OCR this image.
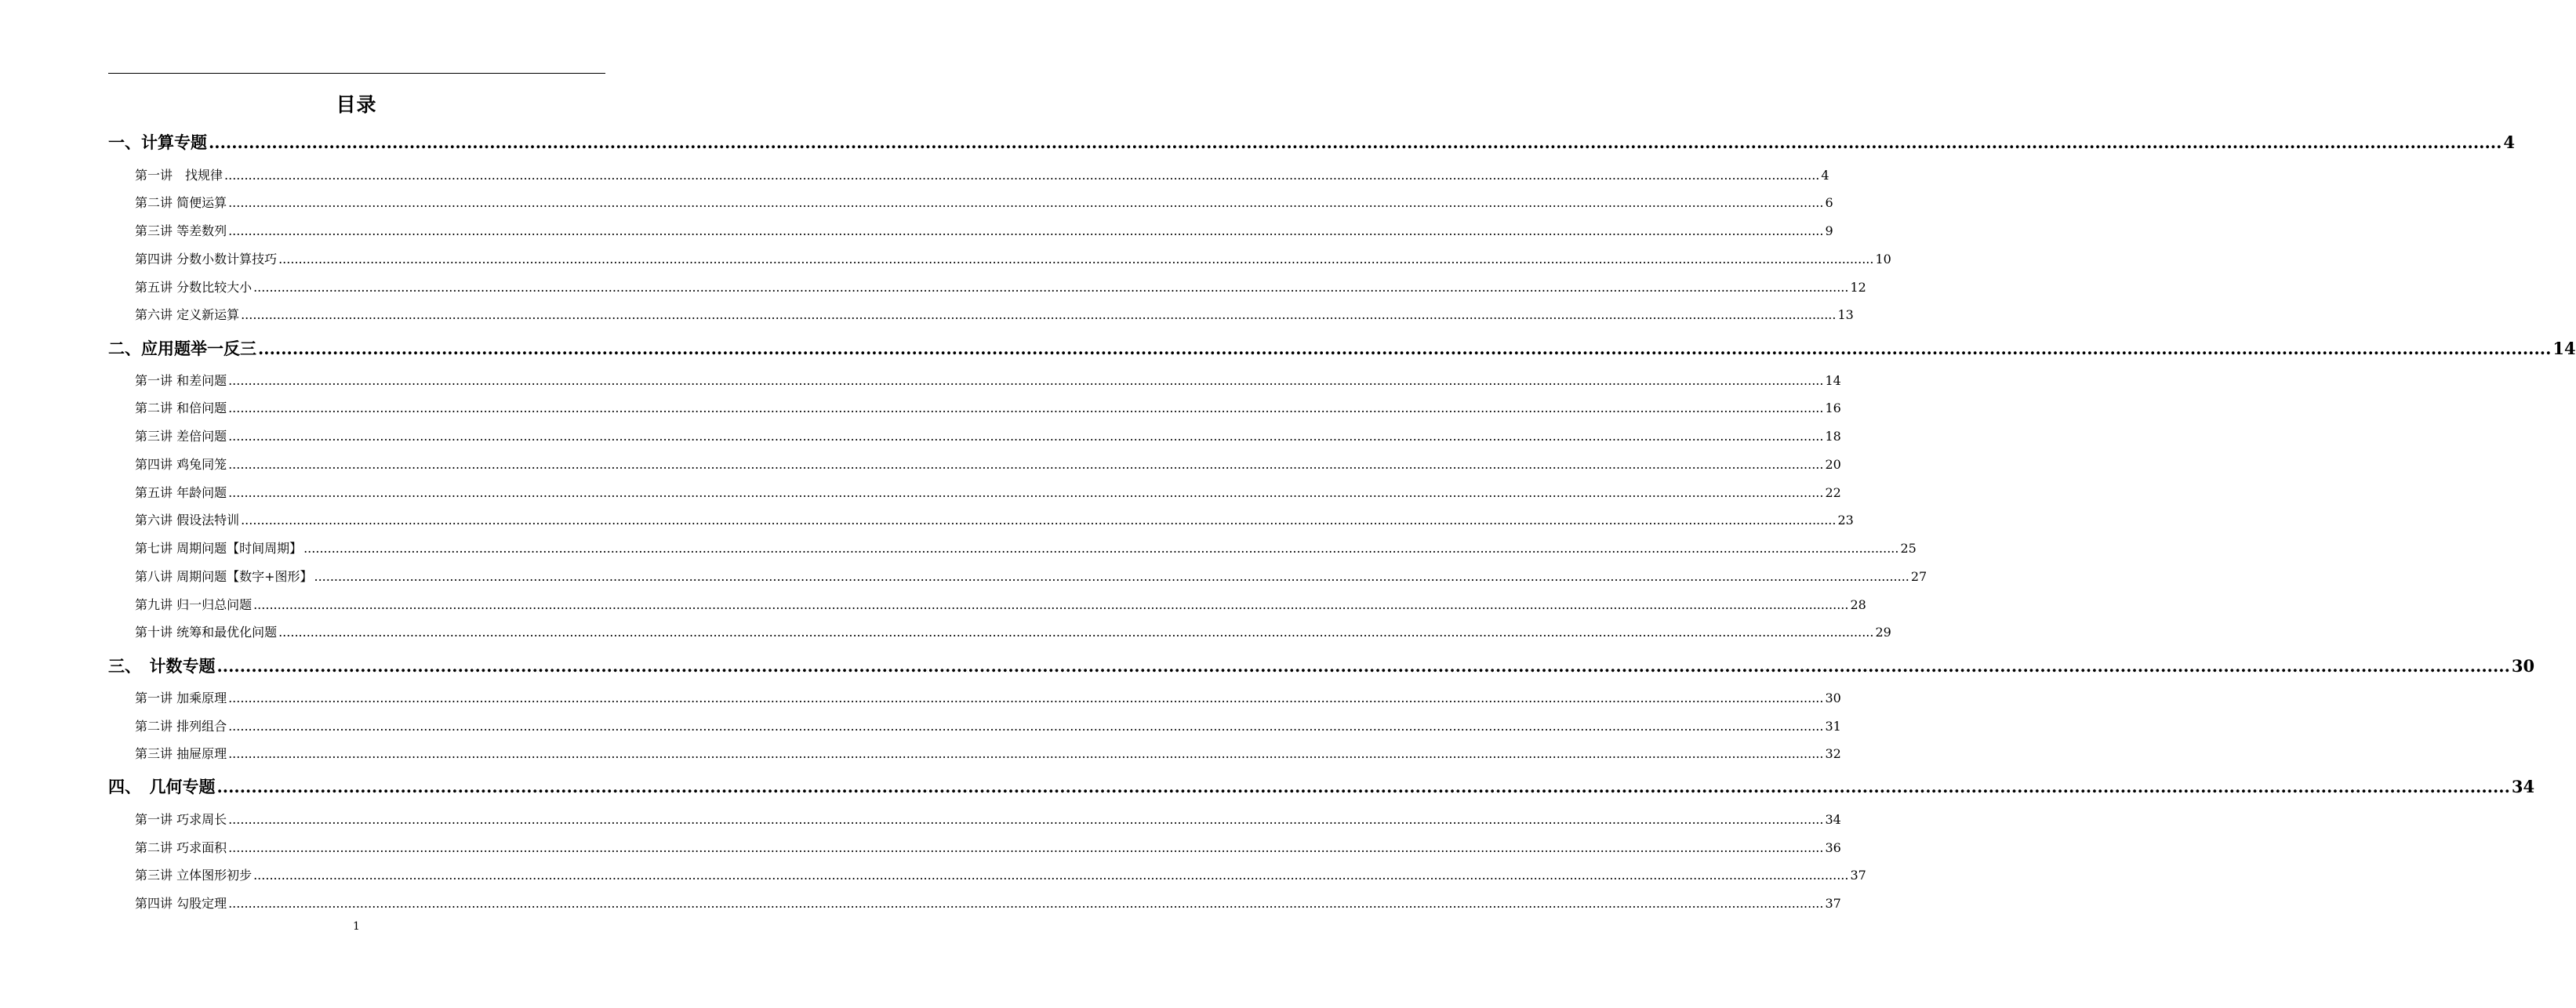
目录
一、计算专题 ................................................................................................................................................................................................................................................................................................................................................................................................................ 4
第一讲　找规律 ................................................................................................................................................................................................................................................................................................................................................................................................................ 4
第二讲 简便运算 ................................................................................................................................................................................................................................................................................................................................................................................................................ 6
第三讲 等差数列 ................................................................................................................................................................................................................................................................................................................................................................................................................ 9
第四讲 分数小数计算技巧 ................................................................................................................................................................................................................................................................................................................................................................................................................ 10
第五讲 分数比较大小 ................................................................................................................................................................................................................................................................................................................................................................................................................ 12
第六讲 定义新运算 ................................................................................................................................................................................................................................................................................................................................................................................................................ 13
二、应用题举一反三 ................................................................................................................................................................................................................................................................................................................................................................................................................ 14
第一讲 和差问题 ................................................................................................................................................................................................................................................................................................................................................................................................................ 14
第二讲 和倍问题 ................................................................................................................................................................................................................................................................................................................................................................................................................ 16
第三讲 差倍问题 ................................................................................................................................................................................................................................................................................................................................................................................................................ 18
第四讲 鸡兔同笼 ................................................................................................................................................................................................................................................................................................................................................................................................................ 20
第五讲 年龄问题 ................................................................................................................................................................................................................................................................................................................................................................................................................ 22
第六讲 假设法特训 ................................................................................................................................................................................................................................................................................................................................................................................................................ 23
第七讲 周期问题【时间周期】 ................................................................................................................................................................................................................................................................................................................................................................................................................ 25
第八讲 周期问题【数字+图形】 ................................................................................................................................................................................................................................................................................................................................................................................................................ 27
第九讲 归一归总问题 ................................................................................................................................................................................................................................................................................................................................................................................................................ 28
第十讲 统筹和最优化问题 ................................................................................................................................................................................................................................................................................................................................................................................................................ 29
三、　计数专题 ................................................................................................................................................................................................................................................................................................................................................................................................................ 30
第一讲 加乘原理 ................................................................................................................................................................................................................................................................................................................................................................................................................ 30
第二讲 排列组合 ................................................................................................................................................................................................................................................................................................................................................................................................................ 31
第三讲 抽屉原理 ................................................................................................................................................................................................................................................................................................................................................................................................................ 32
四、　几何专题 ................................................................................................................................................................................................................................................................................................................................................................................................................ 34
第一讲 巧求周长 ................................................................................................................................................................................................................................................................................................................................................................................................................ 34
第二讲 巧求面积 ................................................................................................................................................................................................................................................................................................................................................................................................................ 36
第三讲 立体图形初步 ................................................................................................................................................................................................................................................................................................................................................................................................................ 37
第四讲 勾股定理 ................................................................................................................................................................................................................................................................................................................................................................................................................ 37
1
